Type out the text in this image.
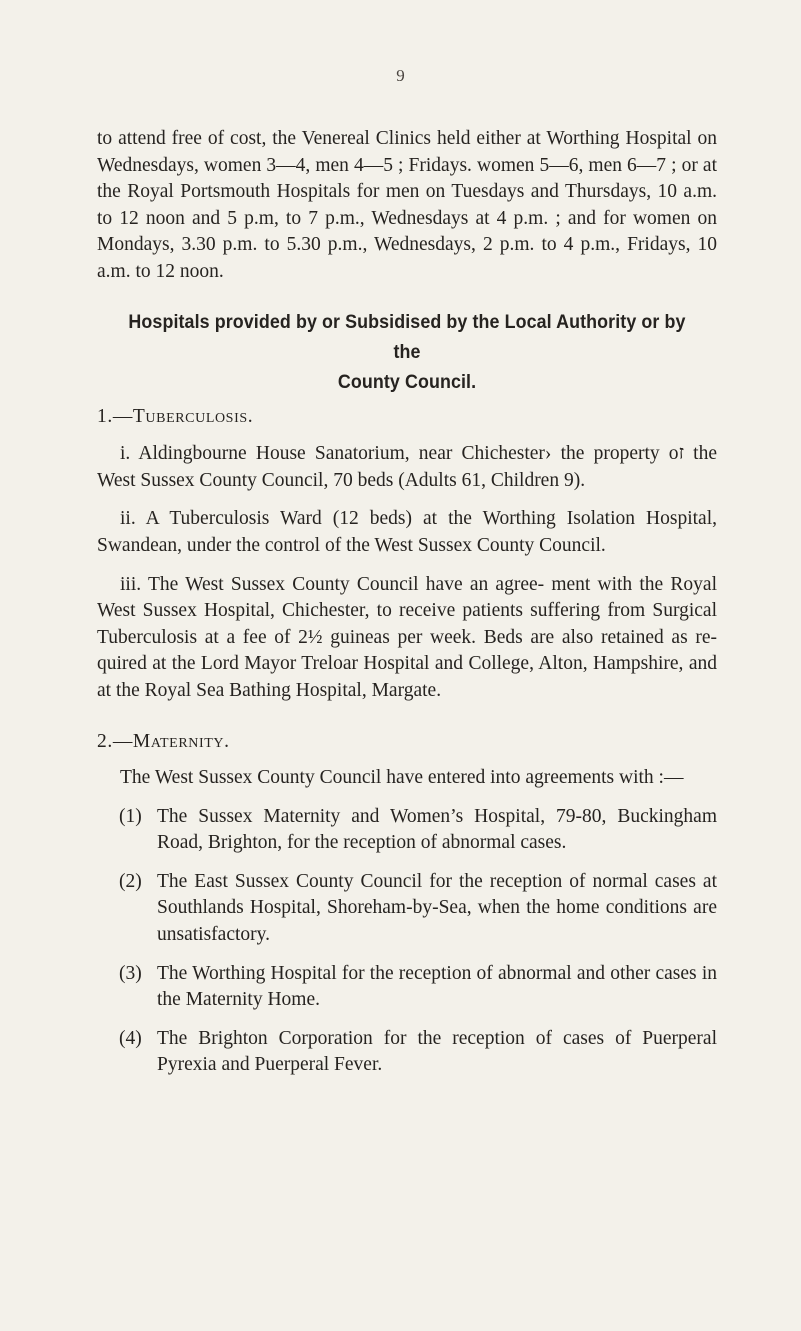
9

to attend free of cost, the Venereal Clinics held either at Worthing Hospital on Wednesdays, women 3—4, men 4—5 ; Fridays. women 5—6, men 6—7 ; or at the Royal Portsmouth Hospitals for men on Tuesdays and Thursdays, 10 a.m. to 12 noon and 5 p.m, to 7 p.m., Wednesdays at 4 p.m. ; and for women on Mondays, 3.30 p.m. to 5.30 p.m., Wednesdays, 2 p.m. to 4 p.m., Fridays, 10 a.m. to 12 noon.

Hospitals provided by or Subsidised by the Local Authority or by the
County Council.

1.—Tuberculosis.

i. Aldingbourne House Sanatorium, near Chichester› the property oז the West Sussex County Council, 70 beds (Adults 61, Children 9).

ii. A Tuberculosis Ward (12 beds) at the Worthing Isolation Hospital, Swandean, under the control of the West Sussex County Council.

iii. The West Sussex County Council have an agree- ment with the Royal West Sussex Hospital, Chichester, to receive patients suffering from Surgical Tuberculosis at a fee of 2½ guineas per week. Beds are also retained as re- quired at the Lord Mayor Treloar Hospital and College, Alton, Hampshire, and at the Royal Sea Bathing Hospital, Margate.

2.—Maternity.

The West Sussex County Council have entered into agreements with :—

(1) The Sussex Maternity and Women’s Hospital, 79-80, Buckingham Road, Brighton, for the reception of abnormal cases.
(2) The East Sussex County Council for the reception of normal cases at Southlands Hospital, Shoreham-by-Sea, when the home conditions are unsatisfactory.
(3) The Worthing Hospital for the reception of abnormal and other cases in the Maternity Home.
(4) The Brighton Corporation for the reception of cases of Puerperal Pyrexia and Puerperal Fever.
